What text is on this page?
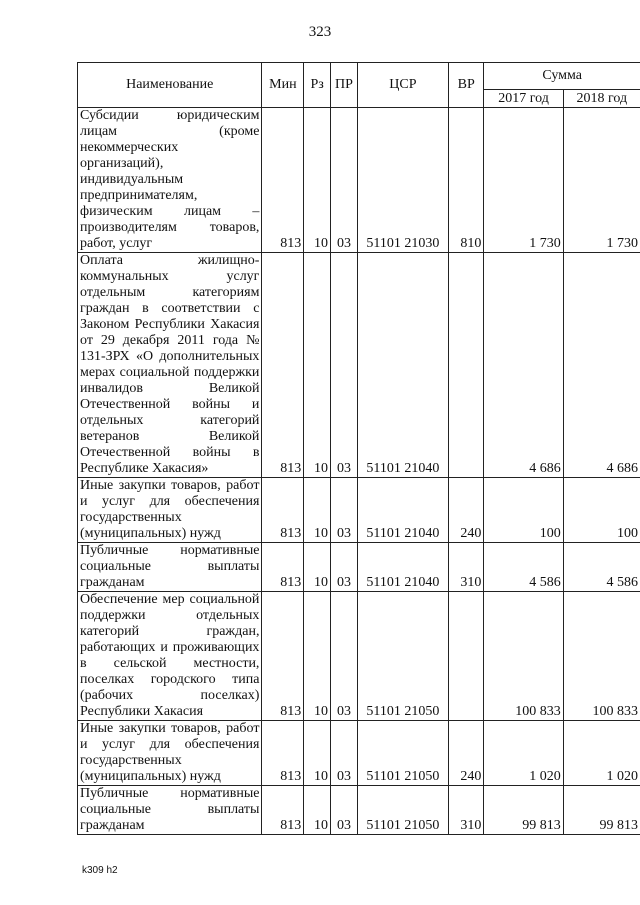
323
Наименование	Мин	Рз	ПР	ЦСР	ВР	Сумма	
						2017 год	2018 год
Субсидии юридическим лицам (кроме некоммерческих организаций), индивидуальным предпринимателям, физическим лицам – производителям товаров, работ, услуг	813	10	03	51101 21030	810	1 730	1 730
Оплата жилищно-коммунальных услуг отдельным категориям граждан в соответствии с Законом Республики Хакасия от 29 декабря 2011 года № 131-ЗРХ «О дополнительных мерах социальной поддержки инвалидов Великой Отечественной войны и отдельных категорий ветеранов Великой Отечественной войны в Республике Хакасия»	813	10	03	51101 21040		4 686	4 686
Иные закупки товаров, работ и услуг для обеспечения государственных (муниципальных) нужд	813	10	03	51101 21040	240	100	100
Публичные нормативные социальные выплаты гражданам	813	10	03	51101 21040	310	4 586	4 586
Обеспечение мер социальной поддержки отдельных категорий граждан, работающих и проживающих в сельской местности, поселках городского типа (рабочих поселках) Республики Хакасия	813	10	03	51101 21050		100 833	100 833
Иные закупки товаров, работ и услуг для обеспечения государственных (муниципальных) нужд	813	10	03	51101 21050	240	1 020	1 020
Публичные нормативные социальные выплаты гражданам	813	10	03	51101 21050	310	99 813	99 813
k309 h2
